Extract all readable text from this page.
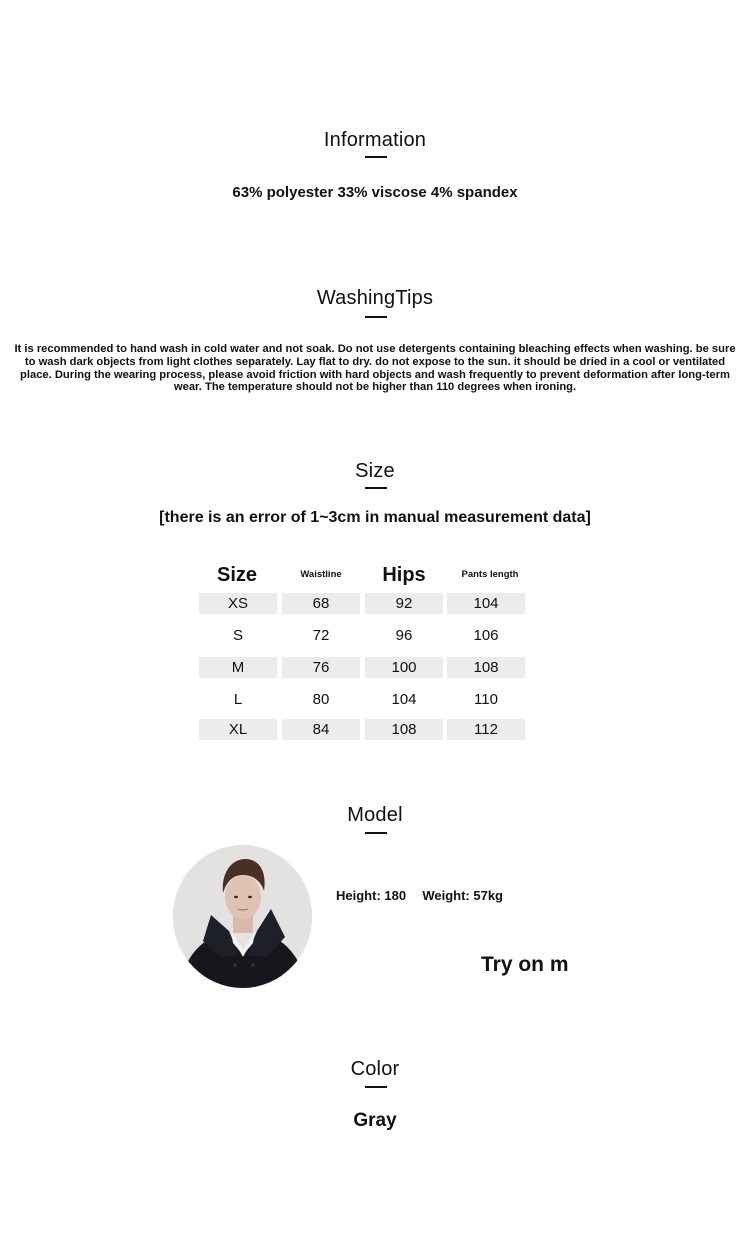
Information
63% polyester 33% viscose 4% spandex
WashingTips
It is recommended to hand wash in cold water and not soak. Do not use detergents containing bleaching effects when washing. be sure to wash dark objects from light clothes separately. Lay flat to dry. do not expose to the sun. it should be dried in a cool or ventilated place. During the wearing process, please avoid friction with hard objects and wash frequently to prevent deformation after long-term wear. The temperature should not be higher than 110 degrees when ironing.
Size
[there is an error of 1~3cm in manual measurement data]
Size	Waistline	Hips	Pants length
XS	68	92	104
S	72	96	106
M	76	100	108
L	80	104	110
XL	84	108	112
Model
Height: 180 Weight: 57kg
Try on m
Color
Gray
